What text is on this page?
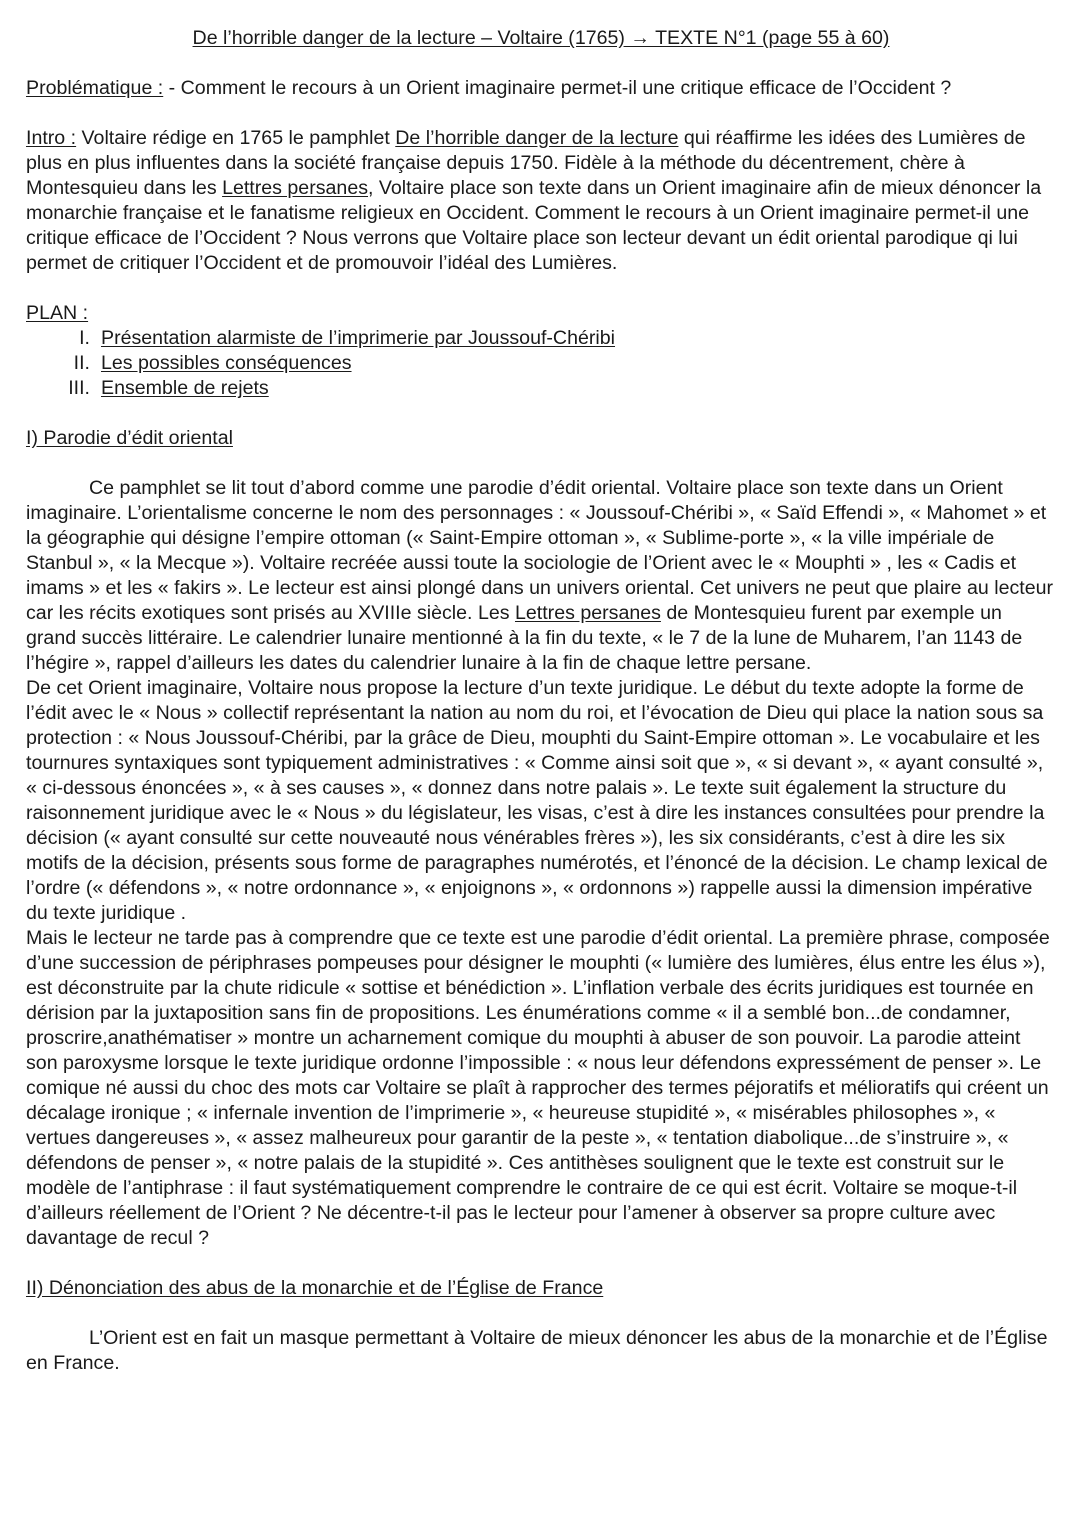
De l’horrible danger de la lecture – Voltaire (1765) → TEXTE N°1 (page 55 à 60)

Problématique : - Comment le recours à un Orient imaginaire permet-il une critique efficace de l’Occident ?

Intro : Voltaire rédige en 1765 le pamphlet De l’horrible danger de la lecture qui réaffirme les idées des Lumières de plus en plus influentes dans la société française depuis 1750. Fidèle à la méthode du décentrement, chère à Montesquieu dans les Lettres persanes, Voltaire place son texte dans un Orient imaginaire afin de mieux dénoncer la monarchie française et le fanatisme religieux en Occident. Comment le recours à un Orient imaginaire permet-il une critique efficace de l’Occident ? Nous verrons que Voltaire place son lecteur devant un édit oriental parodique qi lui permet de critiquer l’Occident et de promouvoir l’idéal des Lumières.

PLAN :
I. Présentation alarmiste de l’imprimerie par Joussouf-Chéribi
II. Les possibles conséquences
III. Ensemble de rejets
I) Parodie d’édit oriental

Ce pamphlet se lit tout d’abord comme une parodie d’édit oriental. Voltaire place son texte dans un Orient imaginaire. L’orientalisme concerne le nom des personnages : « Joussouf-Chéribi », « Saïd Effendi », « Mahomet » et la géographie qui désigne l’empire ottoman (« Saint-Empire ottoman », « Sublime-porte », « la ville impériale de Stanbul », « la Mecque »). Voltaire recréée aussi toute la sociologie de l’Orient avec le « Mouphti » , les « Cadis et imams » et les « fakirs ». Le lecteur est ainsi plongé dans un univers oriental. Cet univers ne peut que plaire au lecteur car les récits exotiques sont prisés au XVIIIe siècle. Les Lettres persanes de Montesquieu furent par exemple un grand succès littéraire. Le calendrier lunaire mentionné à la fin du texte, « le 7 de la lune de Muharem, l’an 1143 de l’hégire », rappel d’ailleurs les dates du calendrier lunaire à la fin de chaque lettre persane.

De cet Orient imaginaire, Voltaire nous propose la lecture d’un texte juridique. Le début du texte adopte la forme de l’édit avec le « Nous » collectif représentant la nation au nom du roi, et l’évocation de Dieu qui place la nation sous sa protection : « Nous Joussouf-Chéribi, par la grâce de Dieu, mouphti du Saint-Empire ottoman ». Le vocabulaire et les tournures syntaxiques sont typiquement administratives : « Comme ainsi soit que », « si devant », « ayant consulté », « ci-dessous énoncées », « à ses causes », « donnez dans notre palais ». Le texte suit également la structure du raisonnement juridique avec le « Nous » du législateur, les visas, c’est à dire les instances consultées pour prendre la décision (« ayant consulté sur cette nouveauté nous vénérables frères »), les six considérants, c’est à dire les six motifs de la décision, présents sous forme de paragraphes numérotés, et l’énoncé de la décision. Le champ lexical de l’ordre (« défendons », « notre ordonnance », « enjoignons », « ordonnons ») rappelle aussi la dimension impérative du texte juridique .

Mais le lecteur ne tarde pas à comprendre que ce texte est une parodie d’édit oriental. La première phrase, composée d’une succession de périphrases pompeuses pour désigner le mouphti (« lumière des lumières, élus entre les élus »), est déconstruite par la chute ridicule « sottise et bénédiction ». L’inflation verbale des écrits juridiques est tournée en dérision par la juxtaposition sans fin de propositions. Les énumérations comme « il a semblé bon...de condamner, proscrire,anathématiser » montre un acharnement comique du mouphti à abuser de son pouvoir. La parodie atteint son paroxysme lorsque le texte juridique ordonne l’impossible : « nous leur défendons expressément de penser ». Le comique né aussi du choc des mots car Voltaire se plaît à rapprocher des termes péjoratifs et mélioratifs qui créent un décalage ironique ; « infernale invention de l’imprimerie », « heureuse stupidité », « misérables philosophes », « vertues dangereuses », « assez malheureux pour garantir de la peste », « tentation diabolique...de s’instruire », « défendons de penser », « notre palais de la stupidité ». Ces antithèses soulignent que le texte est construit sur le modèle de l’antiphrase : il faut systématiquement comprendre le contraire de ce qui est écrit. Voltaire se moque-t-il d’ailleurs réellement de l’Orient ? Ne décentre-t-il pas le lecteur pour l’amener à observer sa propre culture avec davantage de recul ?

II) Dénonciation des abus de la monarchie et de l’Église de France

L’Orient est en fait un masque permettant à Voltaire de mieux dénoncer les abus de la monarchie et de l’Église en France.
